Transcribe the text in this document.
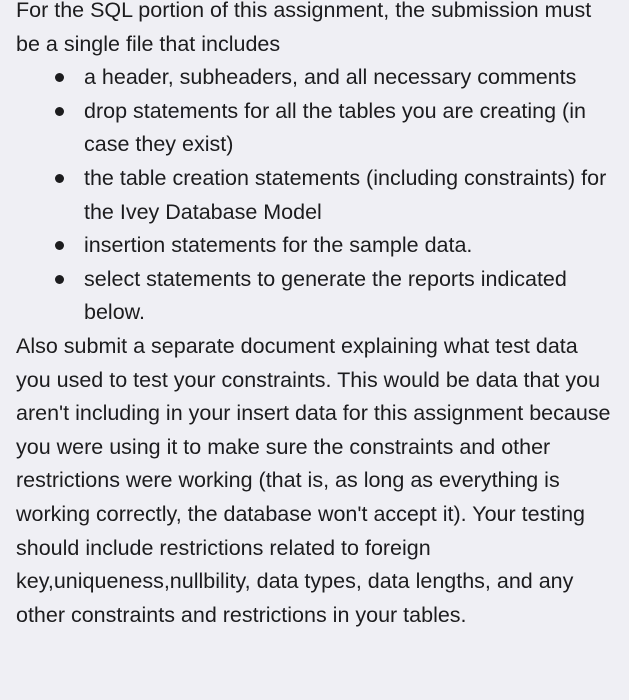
For the SQL portion of this assignment, the submission must be a single file that includes

a header, subheaders, and all necessary comments
drop statements for all the tables you are creating (in case they exist)
the table creation statements (including constraints) for the Ivey Database Model
insertion statements for the sample data.
select statements to generate the reports indicated below.

Also submit a separate document explaining what test data you used to test your constraints. This would be data that you aren't including in your insert data for this assignment because you were using it to make sure the constraints and other restrictions were working (that is, as long as everything is working correctly, the database won't accept it). Your testing should include restrictions related to foreign key,uniqueness,nullbility, data types, data lengths, and any other constraints and restrictions in your tables.
